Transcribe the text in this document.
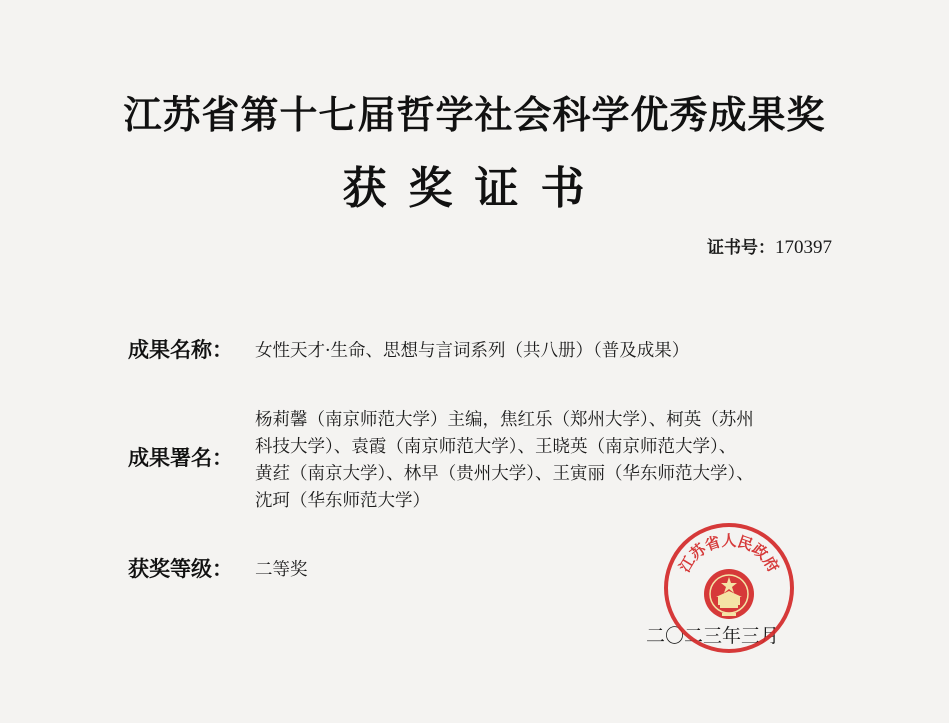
江苏省第十七届哲学社会科学优秀成果奖
获奖证书
证书号：170397
成果名称： 女性天才·生命、思想与言词系列（共八册）（普及成果）
成果署名：
杨莉馨（南京师范大学）主编，焦红乐（郑州大学）、柯英（苏州
科技大学）、袁霞（南京师范大学）、王晓英（南京师范大学）、
黄荭（南京大学）、林早（贵州大学）、王寅丽（华东师范大学）、
沈珂（华东师范大学）
获奖等级： 二等奖
二〇二三年三月
江苏省人民政府
